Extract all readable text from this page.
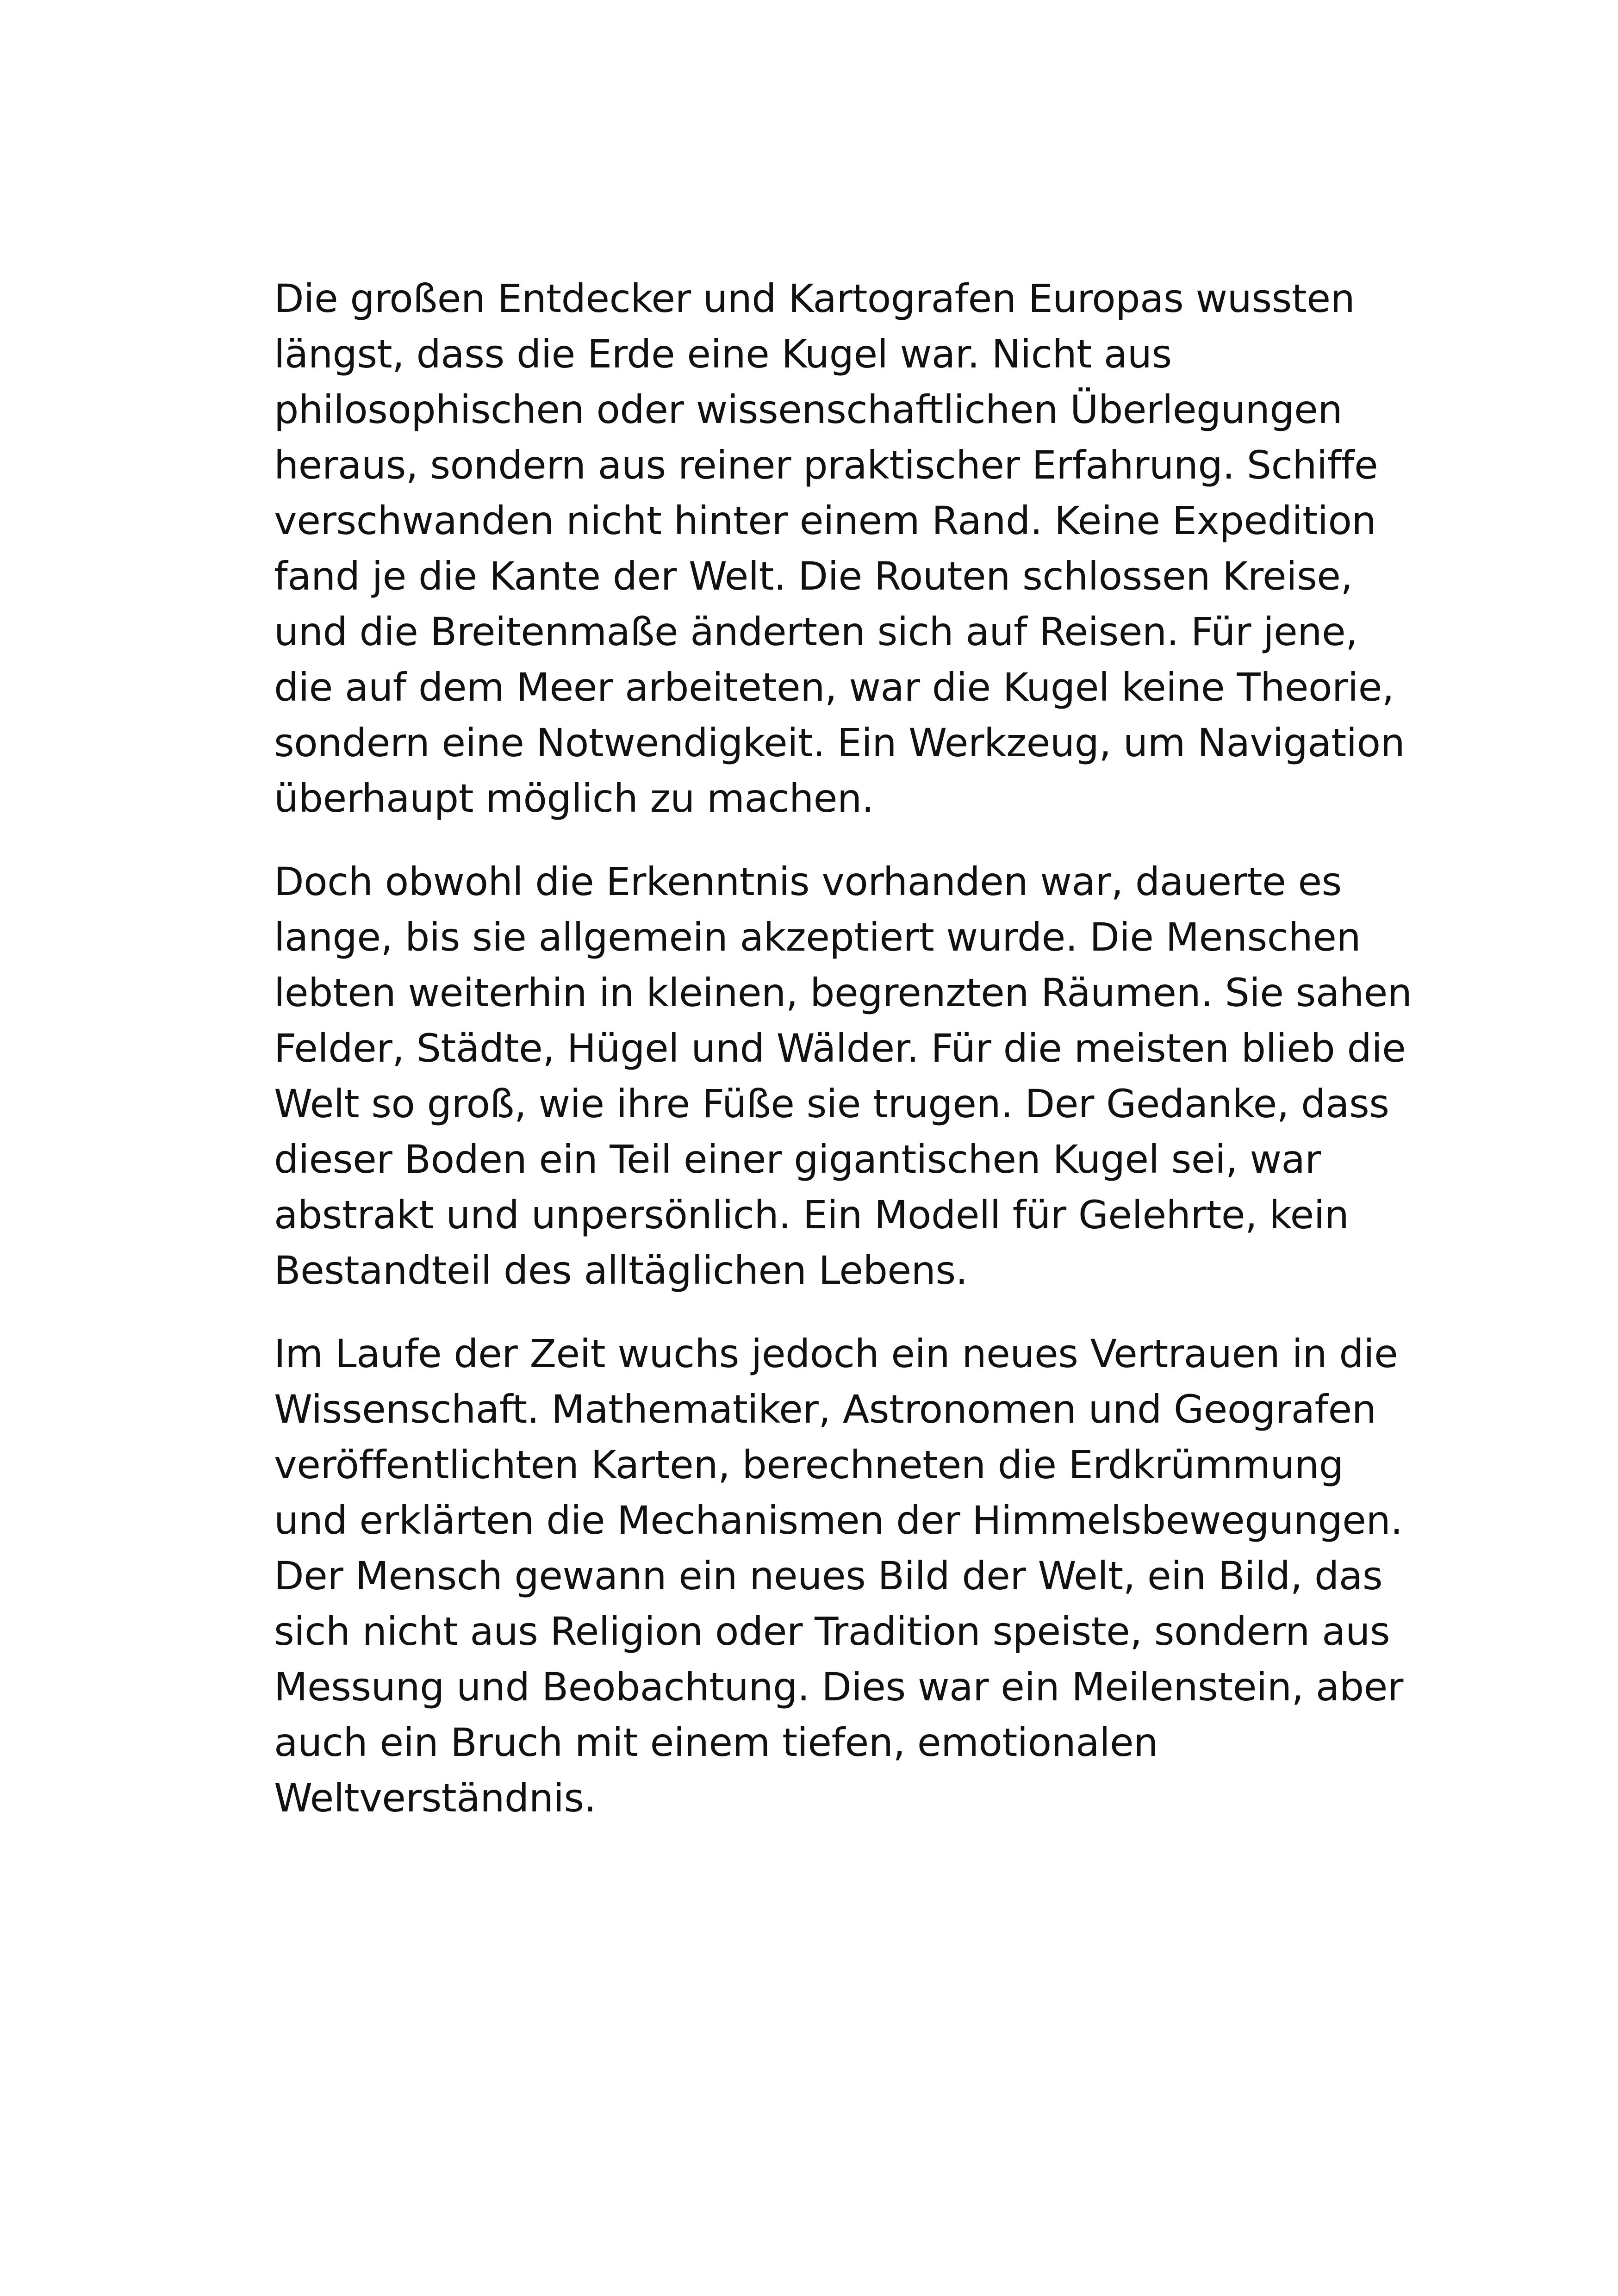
Die großen Entdecker und Kartografen Europas wussten
längst, dass die Erde eine Kugel war. Nicht aus
philosophischen oder wissenschaftlichen Überlegungen
heraus, sondern aus reiner praktischer Erfahrung. Schiffe
verschwanden nicht hinter einem Rand. Keine Expedition
fand je die Kante der Welt. Die Routen schlossen Kreise,
und die Breitenmaße änderten sich auf Reisen. Für jene,
die auf dem Meer arbeiteten, war die Kugel keine Theorie,
sondern eine Notwendigkeit. Ein Werkzeug, um Navigation
überhaupt möglich zu machen.

Doch obwohl die Erkenntnis vorhanden war, dauerte es
lange, bis sie allgemein akzeptiert wurde. Die Menschen
lebten weiterhin in kleinen, begrenzten Räumen. Sie sahen
Felder, Städte, Hügel und Wälder. Für die meisten blieb die
Welt so groß, wie ihre Füße sie trugen. Der Gedanke, dass
dieser Boden ein Teil einer gigantischen Kugel sei, war
abstrakt und unpersönlich. Ein Modell für Gelehrte, kein
Bestandteil des alltäglichen Lebens.

Im Laufe der Zeit wuchs jedoch ein neues Vertrauen in die
Wissenschaft. Mathematiker, Astronomen und Geografen
veröffentlichten Karten, berechneten die Erdkrümmung
und erklärten die Mechanismen der Himmelsbewegungen.
Der Mensch gewann ein neues Bild der Welt, ein Bild, das
sich nicht aus Religion oder Tradition speiste, sondern aus
Messung und Beobachtung. Dies war ein Meilenstein, aber
auch ein Bruch mit einem tiefen, emotionalen
Weltverständnis.
